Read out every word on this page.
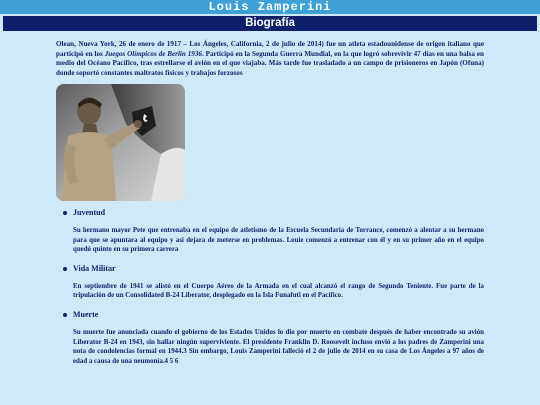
Louis Zamperini
Biografía

Olean, Nueva York, 26 de enero de 1917 – Los Ángeles, California, 2 de julio de 2014) fue un atleta estadounidense de origen italiano que participó en los Juegos Olímpicos de Berlín 1936. Participó en la Segunda Guerra Mundial, en la que logró sobrevivir 47 días en una balsa en medio del Océano Pacífico, tras estrellarse el avión en el que viajaba. Más tarde fue trasladado a un campo de prisioneros en Japón (Ofuna) donde soportó constantes maltratos físicos y trabajos forzosos

Juventud
Su hermano mayor Pete que entrenaba en el equipo de atletismo de la Escuela Secundaria de Torrance, comenzó a alentar a su hermano para que se apuntara al equipo y así dejara de meterse en problemas. Louie comenzó a entrenar con él y en su primer año en el equipo quedó quinto en su primera carrera
Vida Militar
En septiembre de 1941 se alistó en el Cuerpo Aéreo de la Armada en el cual alcanzó el rango de Segundo Teniente. Fue parte de la tripulación de un Consolidated B-24 Liberator, desplegado en la Isla Funafuti en el Pacífico.
Muerte
Su muerte fue anunciada cuando el gobierno de los Estados Unidos lo dio por muerto en combate después de haber encontrado su avión Liberator B-24 en 1943, sin hallar ningún superviviente. El presidente Franklin D. Roosevelt incluso envió a los padres de Zamperini una nota de condolencias formal en 1944.3 Sin embargo, Louis Zamperini falleció el 2 de julio de 2014 en su casa de Los Ángeles a 97 años de edad a causa de una neumonía.4 5 6
